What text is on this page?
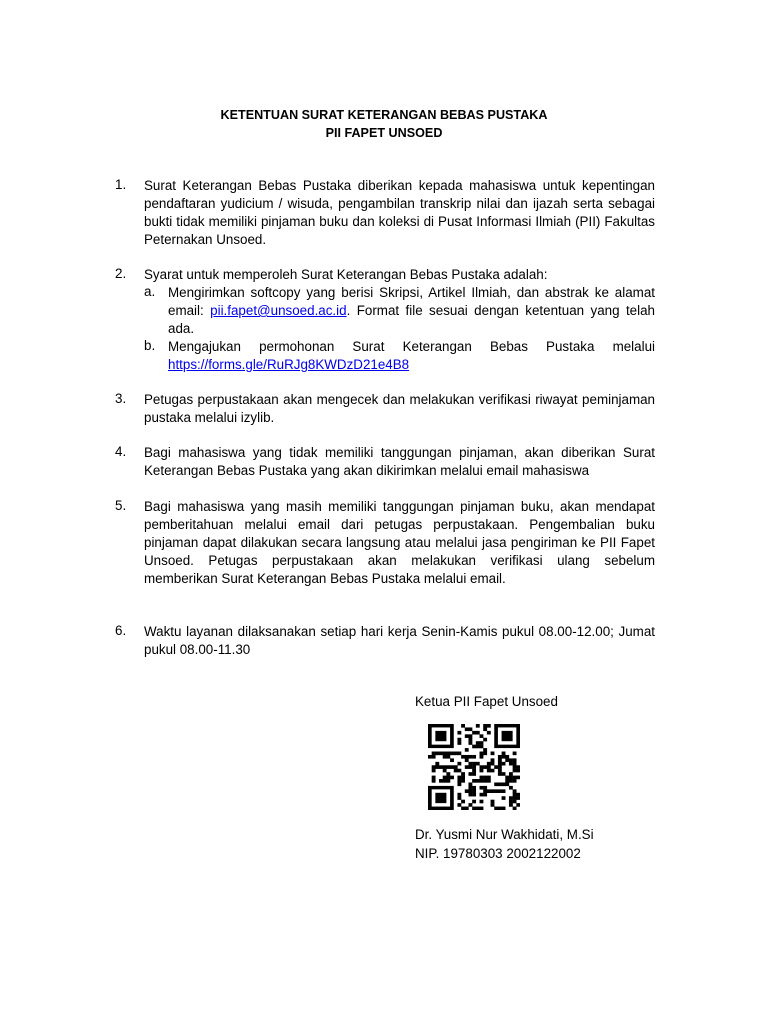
KETENTUAN SURAT KETERANGAN BEBAS PUSTAKA
PII FAPET UNSOED
1. Surat Keterangan Bebas Pustaka diberikan kepada mahasiswa untuk kepentingan pendaftaran yudicium / wisuda, pengambilan transkrip nilai dan ijazah serta sebagai bukti tidak memiliki pinjaman buku dan koleksi di Pusat Informasi Ilmiah (PII) Fakultas Peternakan Unsoed.
2. Syarat untuk memperoleh Surat Keterangan Bebas Pustaka adalah:
a. Mengirimkan softcopy yang berisi Skripsi, Artikel Ilmiah, dan abstrak ke alamat email: pii.fapet@unsoed.ac.id. Format file sesuai dengan ketentuan yang telah ada.
b. Mengajukan permohonan Surat Keterangan Bebas Pustaka melalui https://forms.gle/RuRJg8KWDzD21e4B8
3. Petugas perpustakaan akan mengecek dan melakukan verifikasi riwayat peminjaman pustaka melalui izylib.
4. Bagi mahasiswa yang tidak memiliki tanggungan pinjaman, akan diberikan Surat Keterangan Bebas Pustaka yang akan dikirimkan melalui email mahasiswa
5. Bagi mahasiswa yang masih memiliki tanggungan pinjaman buku, akan mendapat pemberitahuan melalui email dari petugas perpustakaan. Pengembalian buku pinjaman dapat dilakukan secara langsung atau melalui jasa pengiriman ke PII Fapet Unsoed. Petugas perpustakaan akan melakukan verifikasi ulang sebelum memberikan Surat Keterangan Bebas Pustaka melalui email.
6. Waktu layanan dilaksanakan setiap hari kerja Senin-Kamis pukul 08.00-12.00; Jumat pukul 08.00-11.30
Ketua PII Fapet Unsoed
Dr. Yusmi Nur Wakhidati, M.Si
NIP. 19780303 2002122002
